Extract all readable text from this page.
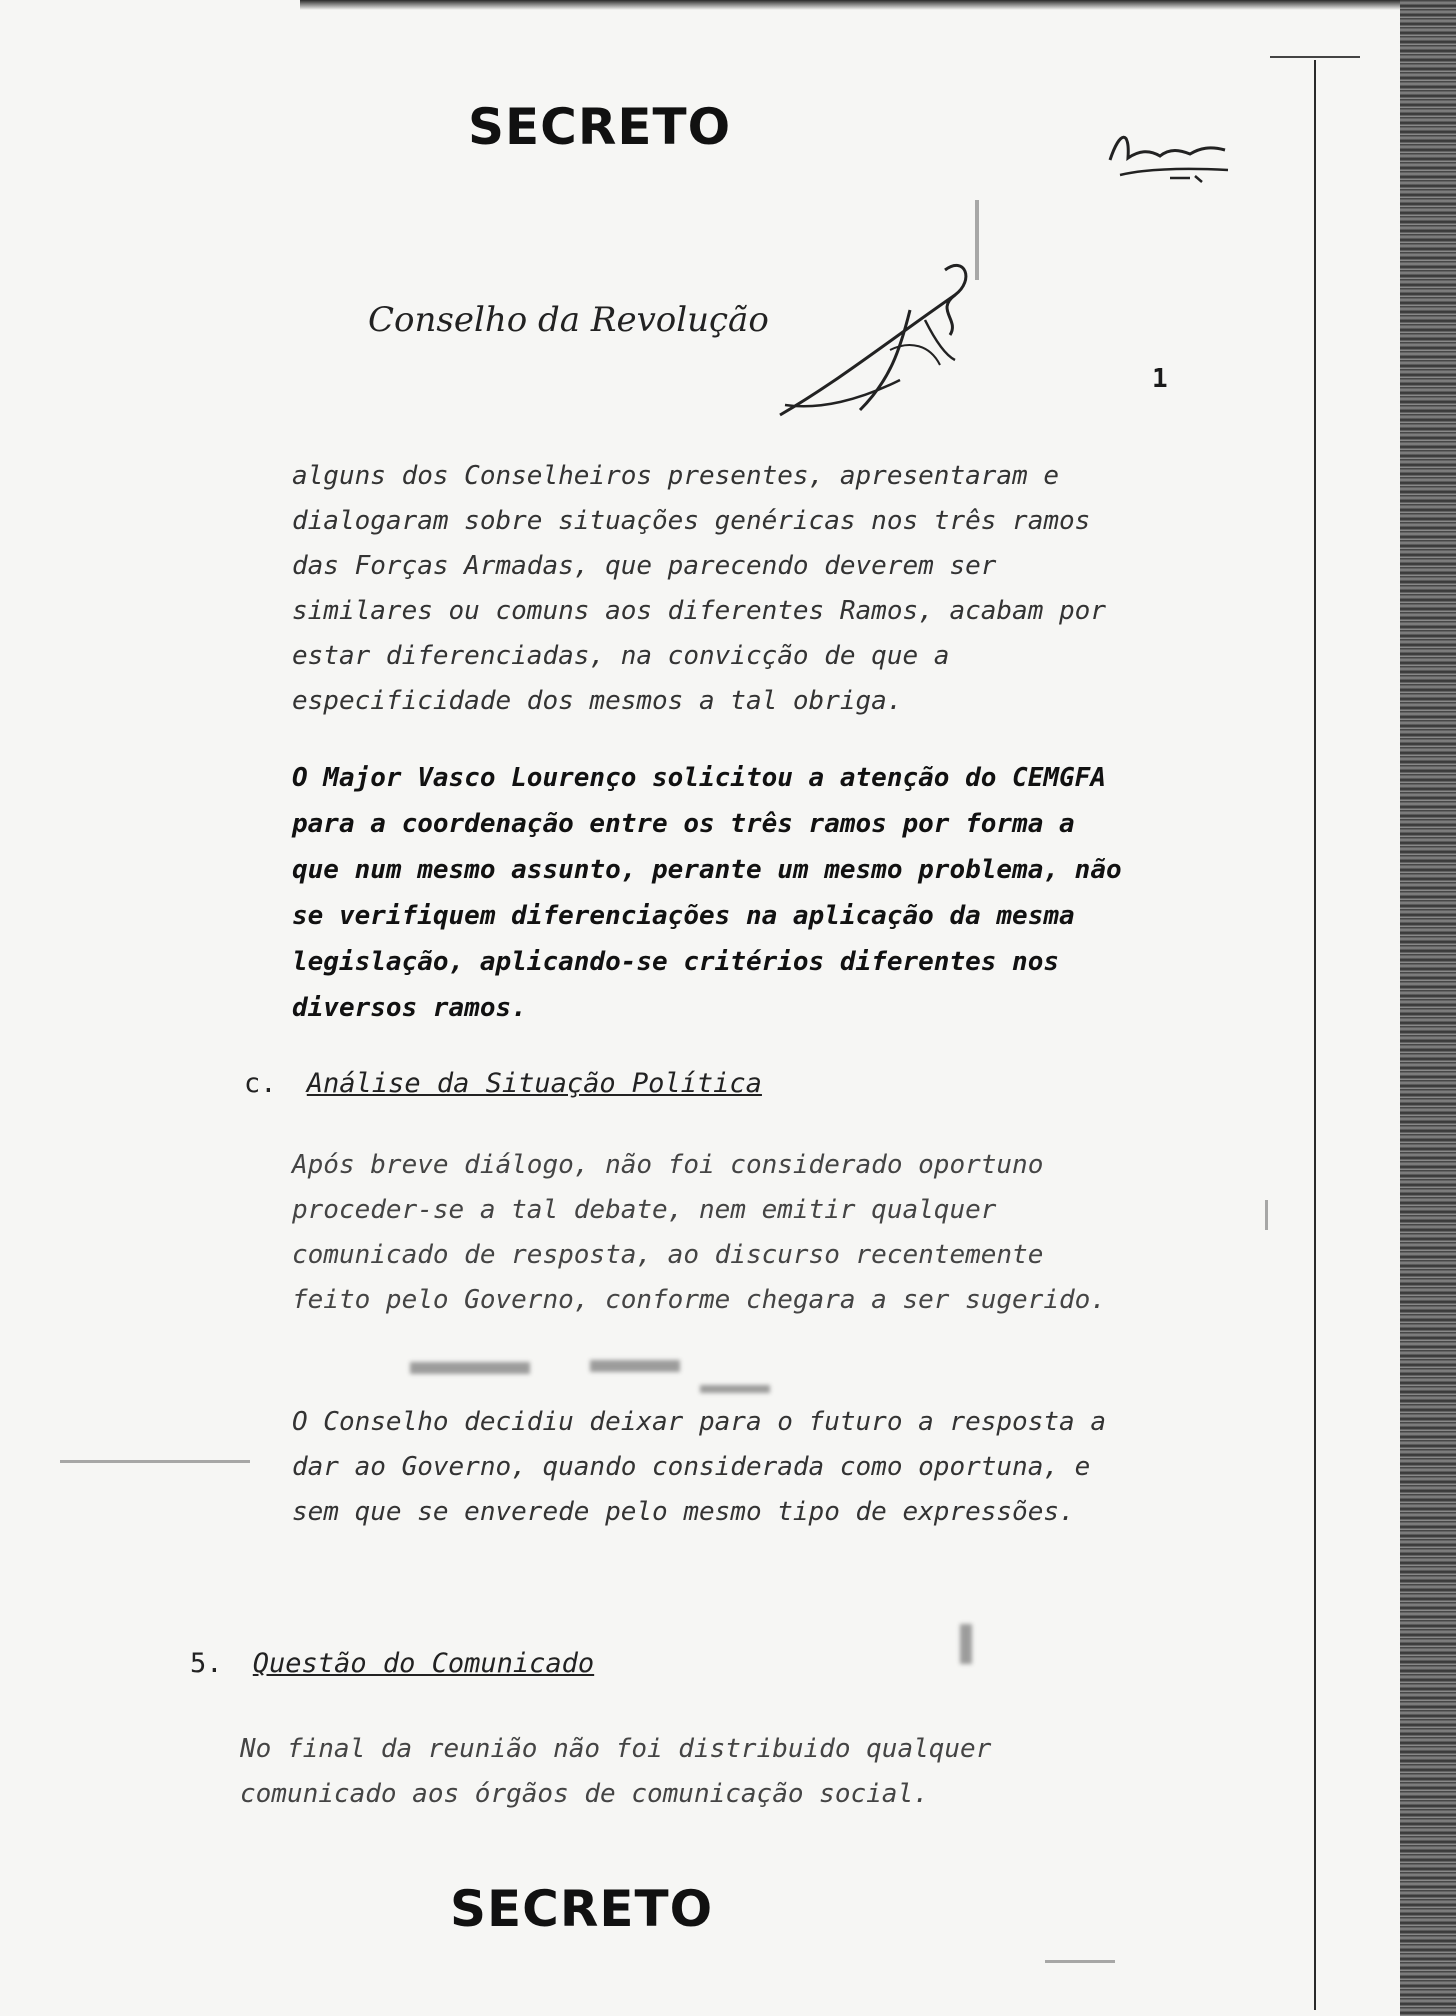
SECRETO
Conselho da Revolução
1

alguns dos Conselheiros presentes, apresentaram e dialogaram sobre situações genéricas nos três ramos das Forças Armadas, que parecendo deverem ser similares ou comuns aos diferentes Ramos, acabam por estar diferenciadas, na convicção de que a especificidade dos mesmos a tal obriga.

O Major Vasco Lourenço solicitou a atenção do CEMGFA para a coordenação entre os três ramos por forma a que num mesmo assunto, perante um mesmo problema, não se verifiquem diferenciações na aplicação da mesma legislação, aplicando-se critérios diferentes nos diversos ramos.

c. Análise da Situação Política

Após breve diálogo, não foi considerado oportuno proceder-se a tal debate, nem emitir qualquer comunicado de resposta, ao discurso recentemente feito pelo Governo, conforme chegara a ser sugerido.

O Conselho decidiu deixar para o futuro a resposta a dar ao Governo, quando considerada como oportuna, e sem que se enverede pelo mesmo tipo de expressões.

5. Questão do Comunicado

No final da reunião não foi distribuido qualquer comunicado aos órgãos de comunicação social.

SECRETO
